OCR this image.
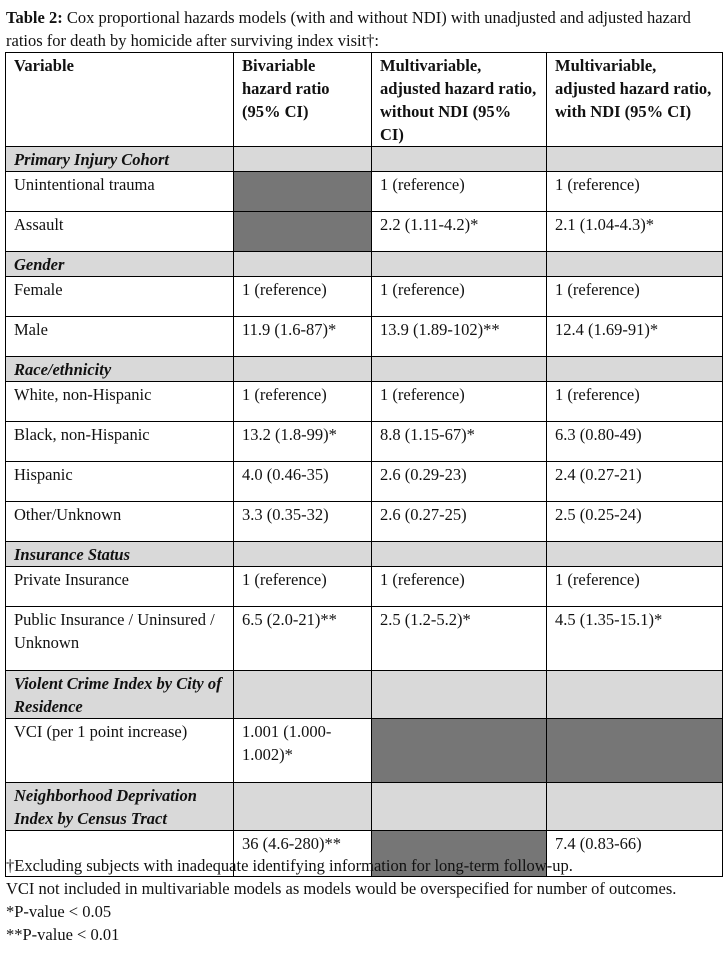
Table 2: Cox proportional hazards models (with and without NDI) with unadjusted and adjusted hazard ratios for death by homicide after surviving index visit†:
Variable	Bivariable hazard ratio (95% CI)	Multivariable, adjusted hazard ratio, without NDI (95% CI)	Multivariable, adjusted hazard ratio, with NDI (95% CI)
Primary Injury Cohort			
Unintentional trauma		1 (reference)	1 (reference)
Assault		2.2 (1.11-4.2)*	2.1 (1.04-4.3)*
Gender			
Female	1 (reference)	1 (reference)	1 (reference)
Male	11.9 (1.6-87)*	13.9 (1.89-102)**	12.4 (1.69-91)*
Race/ethnicity			
White, non-Hispanic	1 (reference)	1 (reference)	1 (reference)
Black, non-Hispanic	13.2 (1.8-99)*	8.8 (1.15-67)*	6.3 (0.80-49)
Hispanic	4.0 (0.46-35)	2.6 (0.29-23)	2.4 (0.27-21)
Other/Unknown	3.3 (0.35-32)	2.6 (0.27-25)	2.5 (0.25-24)
Insurance Status			
Private Insurance	1 (reference)	1 (reference)	1 (reference)
Public Insurance / Uninsured / Unknown	6.5 (2.0-21)**	2.5 (1.2-5.2)*	4.5 (1.35-15.1)*
Violent Crime Index by City of Residence			
VCI (per 1 point increase)	1.001 (1.000-1.002)*		
Neighborhood Deprivation Index by Census Tract			
	36 (4.6-280)**		7.4 (0.83-66)
†Excluding subjects with inadequate identifying information for long-term follow-up.
VCI not included in multivariable models as models would be overspecified for number of outcomes.
*P-value < 0.05
**P-value < 0.01
